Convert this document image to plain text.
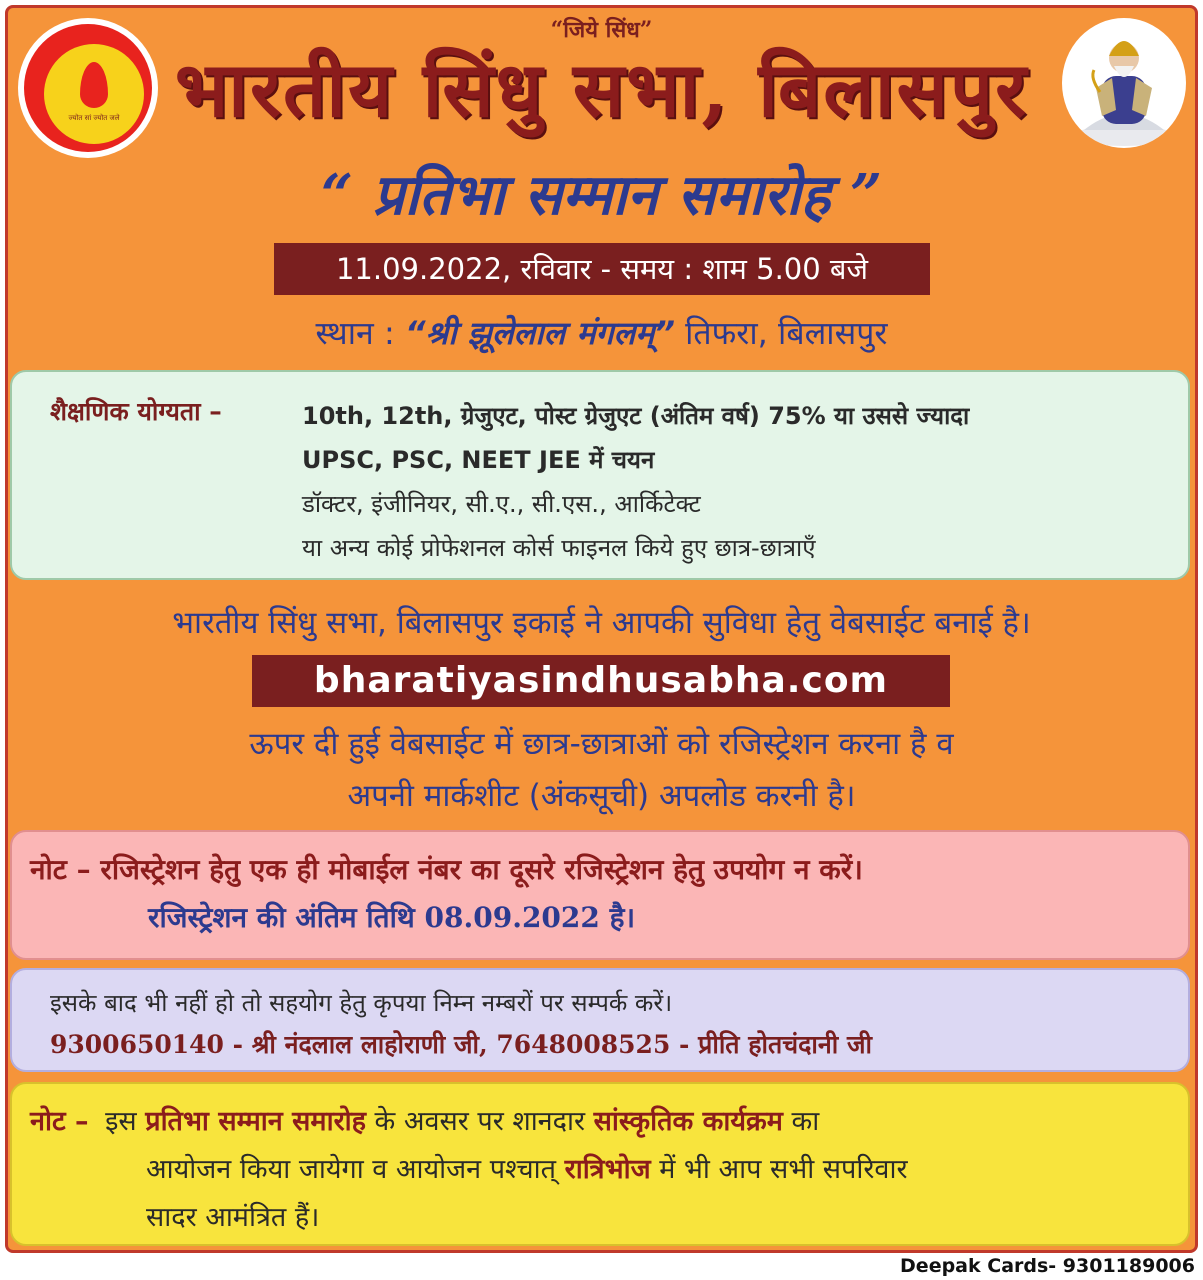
ज्योत सां ज्योत जले
“जिये सिंध”
भारतीय सिंधु सभा, बिलासपुर
“ प्रतिभा सम्मान समारोह ”
11.09.2022, रविवार - समय : शाम 5.00 बजे
स्थान : “श्री झूलेलाल मंगलम्” तिफरा, बिलासपुर
शैक्षणिक योग्यता –	10th, 12th, ग्रेजुएट, पोस्ट ग्रेजुएट (अंतिम वर्ष) 75% या उससे ज्यादा
UPSC, PSC, NEET JEE में चयन
डॉक्टर, इंजीनियर, सी.ए., सी.एस., आर्किटेक्ट
या अन्य कोई प्रोफेशनल कोर्स फाइनल किये हुए छात्र-छात्राएँ
भारतीय सिंधु सभा, बिलासपुर इकाई ने आपकी सुविधा हेतु वेबसाईट बनाई है।
bharatiyasindhusabha.com
ऊपर दी हुई वेबसाईट में छात्र-छात्राओं को रजिस्ट्रेशन करना है व
अपनी मार्कशीट (अंकसूची) अपलोड करनी है।
नोट – रजिस्ट्रेशन हेतु एक ही मोबाईल नंबर का दूसरे रजिस्ट्रेशन हेतु उपयोग न करें।
रजिस्ट्रेशन की अंतिम तिथि 08.09.2022 है।
इसके बाद भी नहीं हो तो सहयोग हेतु कृपया निम्न नम्बरों पर सम्पर्क करें।
9300650140 - श्री नंदलाल लाहोराणी जी, 7648008525 - प्रीति होतचंदानी जी
नोट – इस प्रतिभा सम्मान समारोह के अवसर पर शानदार सांस्कृतिक कार्यक्रम का
आयोजन किया जायेगा व आयोजन पश्चात् रात्रिभोज में भी आप सभी सपरिवार
सादर आमंत्रित हैं।
Deepak Cards- 9301189006
